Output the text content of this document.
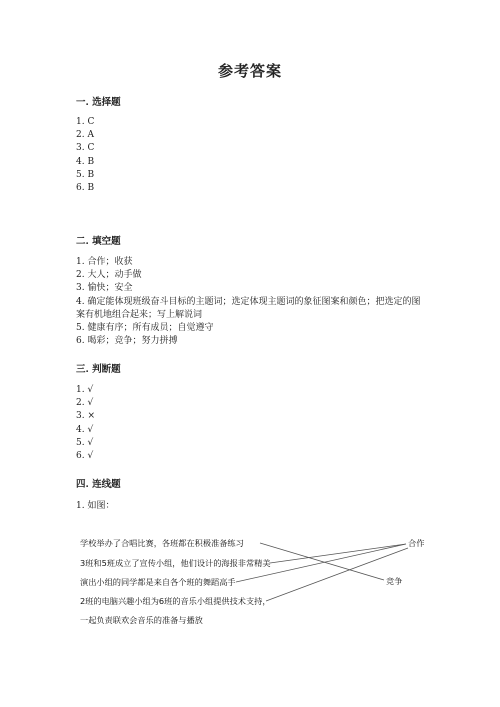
参考答案
一. 选择题
1. C
2. A
3. C
4. B
5. B
6. B
二. 填空题
1. 合作；收获
2. 大人；动手做
3. 愉快；安全
4. 确定能体现班级奋斗目标的主题词；选定体现主题词的象征图案和颜色；把选定的图案有机地组合起来；写上解说词
5. 健康有序；所有成员；自觉遵守
6. 喝彩；竞争；努力拼搏
三. 判断题
1. √
2. √
3. ×
4. √
5. √
6. √
四. 连线题
1. 如图：
学校举办了合唱比赛，各班都在积极准备练习
3班和5班成立了宣传小组，他们设计的海报非常精美
演出小组的同学都是来自各个班的舞蹈高手
2班的电脑兴趣小组为6班的音乐小组提供技术支持，
一起负责联欢会音乐的准备与播放
合作
竞争
